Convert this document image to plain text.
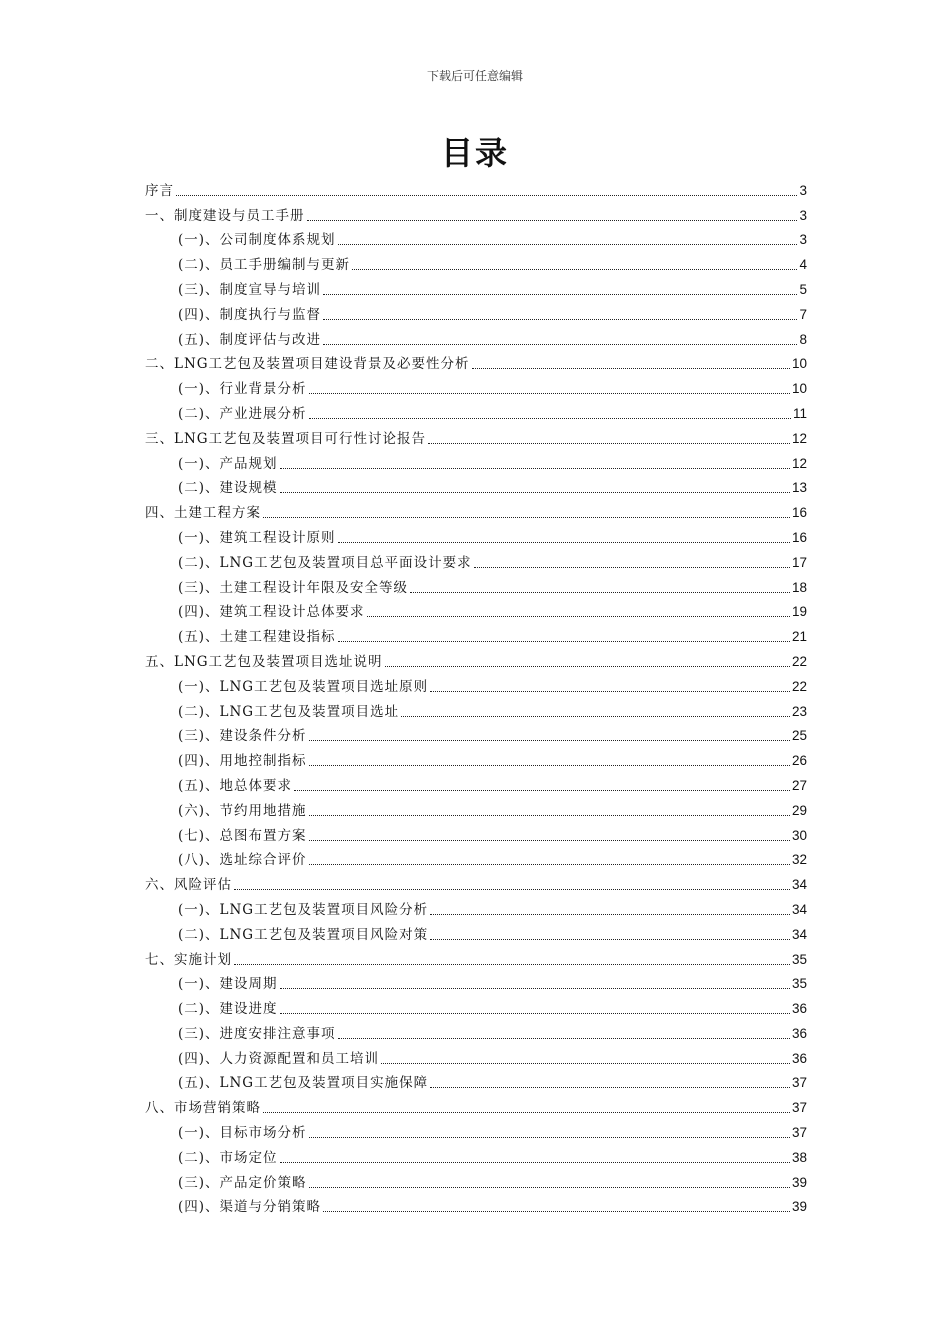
下载后可任意编辑
目录
序言	3
一、制度建设与员工手册	3
(一)、公司制度体系规划	3
(二)、员工手册编制与更新	4
(三)、制度宣导与培训	5
(四)、制度执行与监督	7
(五)、制度评估与改进	8
二、LNG工艺包及装置项目建设背景及必要性分析	10
(一)、行业背景分析	10
(二)、产业进展分析	11
三、LNG工艺包及装置项目可行性讨论报告	12
(一)、产品规划	12
(二)、建设规模	13
四、土建工程方案	16
(一)、建筑工程设计原则	16
(二)、LNG工艺包及装置项目总平面设计要求	17
(三)、土建工程设计年限及安全等级	18
(四)、建筑工程设计总体要求	19
(五)、土建工程建设指标	21
五、LNG工艺包及装置项目选址说明	22
(一)、LNG工艺包及装置项目选址原则	22
(二)、LNG工艺包及装置项目选址	23
(三)、建设条件分析	25
(四)、用地控制指标	26
(五)、地总体要求	27
(六)、节约用地措施	29
(七)、总图布置方案	30
(八)、选址综合评价	32
六、风险评估	34
(一)、LNG工艺包及装置项目风险分析	34
(二)、LNG工艺包及装置项目风险对策	34
七、实施计划	35
(一)、建设周期	35
(二)、建设进度	36
(三)、进度安排注意事项	36
(四)、人力资源配置和员工培训	36
(五)、LNG工艺包及装置项目实施保障	37
八、市场营销策略	37
(一)、目标市场分析	37
(二)、市场定位	38
(三)、产品定价策略	39
(四)、渠道与分销策略	39
